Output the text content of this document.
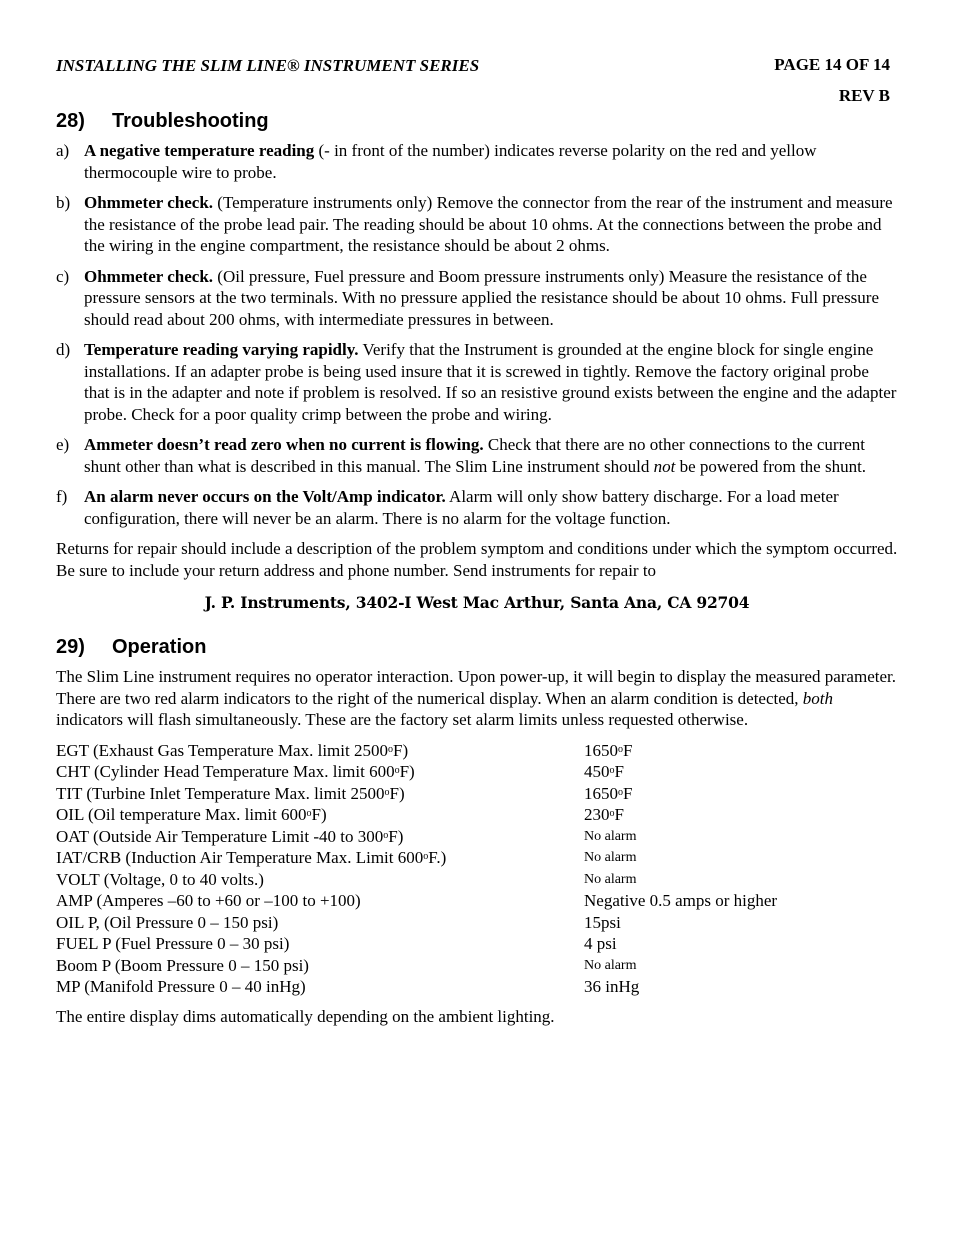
INSTALLING THE SLIM LINE® INSTRUMENT SERIES	PAGE 14 OF 14
REV B
28) Troubleshooting
a) A negative temperature reading (- in front of the number) indicates reverse polarity on the red and yellow thermocouple wire to probe.
b) Ohmmeter check. (Temperature instruments only) Remove the connector from the rear of the instrument and measure the resistance of the probe lead pair. The reading should be about 10 ohms. At the connections between the probe and the wiring in the engine compartment, the resistance should be about 2 ohms.
c) Ohmmeter check. (Oil pressure, Fuel pressure and Boom pressure instruments only) Measure the resistance of the pressure sensors at the two terminals. With no pressure applied the resistance should be about 10 ohms. Full pressure should read about 200 ohms, with intermediate pressures in between.
d) Temperature reading varying rapidly. Verify that the Instrument is grounded at the engine block for single engine installations. If an adapter probe is being used insure that it is screwed in tightly. Remove the factory original probe that is in the adapter and note if problem is resolved. If so an resistive ground exists between the engine and the adapter probe. Check for a poor quality crimp between the probe and wiring.
e) Ammeter doesn’t read zero when no current is flowing. Check that there are no other connections to the current shunt other than what is described in this manual. The Slim Line instrument should not be powered from the shunt.
f) An alarm never occurs on the Volt/Amp indicator. Alarm will only show battery discharge. For a load meter configuration, there will never be an alarm. There is no alarm for the voltage function.

Returns for repair should include a description of the problem symptom and conditions under which the symptom occurred. Be sure to include your return address and phone number. Send instruments for repair to

J. P. Instruments, 3402-I West Mac Arthur, Santa Ana, CA 92704
29) Operation

The Slim Line instrument requires no operator interaction. Upon power-up, it will begin to display the measured parameter. There are two red alarm indicators to the right of the numerical display. When an alarm condition is detected, both indicators will flash simultaneously. These are the factory set alarm limits unless requested otherwise.

EGT (Exhaust Gas Temperature Max. limit 2500$^o$F)	1650$^o$F
CHT (Cylinder Head Temperature Max. limit 600$^o$F)	450$^o$F
TIT (Turbine Inlet Temperature Max. limit 2500$^o$F)	1650$^o$F
OIL (Oil temperature Max. limit 600$^o$F)	230$^o$F
OAT (Outside Air Temperature Limit -40 to 300$^o$F)	No alarm
IAT/CRB (Induction Air Temperature Max. Limit 600$^o$F.)	No alarm
VOLT (Voltage, 0 to 40 volts.)	No alarm
AMP (Amperes –60 to +60 or –100 to +100)	Negative 0.5 amps or higher
OIL P, (Oil Pressure 0 – 150 psi)	15psi
FUEL P (Fuel Pressure 0 – 30 psi)	4 psi
Boom P (Boom Pressure 0 – 150 psi)	No alarm
MP (Manifold Pressure 0 – 40 inHg)	36 inHg

The entire display dims automatically depending on the ambient lighting.
